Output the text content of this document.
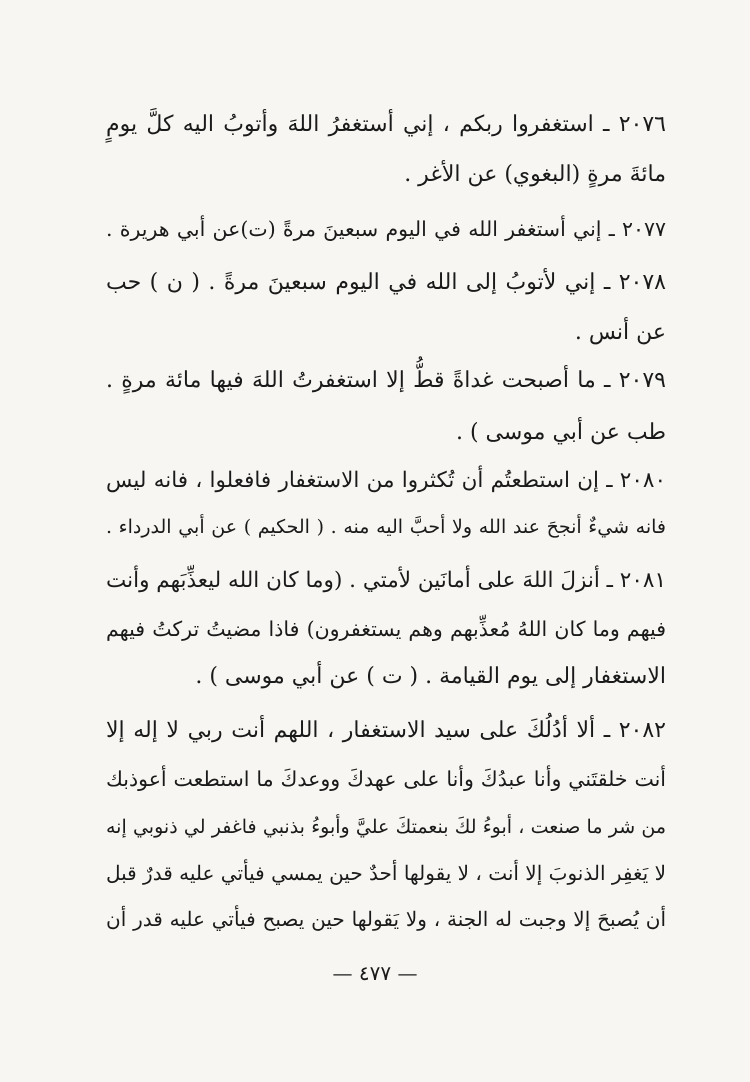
٢٠٧٦ ـ استغفروا ربكم ، إني أستغفرُ اللهَ وأتوبُ اليه كلَّ يومٍ
مائةَ مرةٍ (البغوي) عن الأغر .
٢٠٧٧ ـ إني أستغفر الله في اليوم سبعينَ مرةً (ت)عن أبي هريرة .
٢٠٧٨ ـ إني لأتوبُ إلى الله في اليوم سبعينَ مرةً . ( ن ) حب
عن أنس .
٢٠٧٩ ـ ما أصبحت غداةً قطُّ إلا استغفرتُ اللهَ فيها مائة مرةٍ .
طب عن أبي موسى ) .
٢٠٨٠ ـ إن استطعتُم أن تُكثروا من الاستغفار فافعلوا ، فانه ليس
فانه شيءٌ أنجحَ عند الله ولا أحبَّ اليه منه . ( الحكيم ) عن أبي الدرداء .
٢٠٨١ ـ أنزلَ اللهَ على أمانَين لأمتي . (وما كان الله ليعذِّبَهم وأنت
فيهم وما كان اللهُ مُعذِّبهم وهم يستغفرون) فاذا مضيتُ تركتُ فيهم
الاستغفار إلى يوم القيامة . ( ت ) عن أبي موسى ) .
٢٠٨٢ ـ ألا أدُلُكَ على سيد الاستغفار ، اللهم أنت ربي لا إله إلا
أنت خلقتَني وأنا عبدُكَ وأنا على عهدكَ ووعدكَ ما استطعت أعوذبك
من شر ما صنعت ، أبوءُ لكَ بنعمتكَ عليَّ وأبوءُ بذنبي فاغفر لي ذنوبي إنه
لا يَغفِر الذنوبَ إلا أنت ، لا يقولها أحدٌ حين يمسي فيأتي عليه قدرٌ قبل
أن يُصبحَ إلا وجبت له الجنة ، ولا يَقولها حين يصبح فيأتي عليه قدر أن
— ٤٧٧ —
